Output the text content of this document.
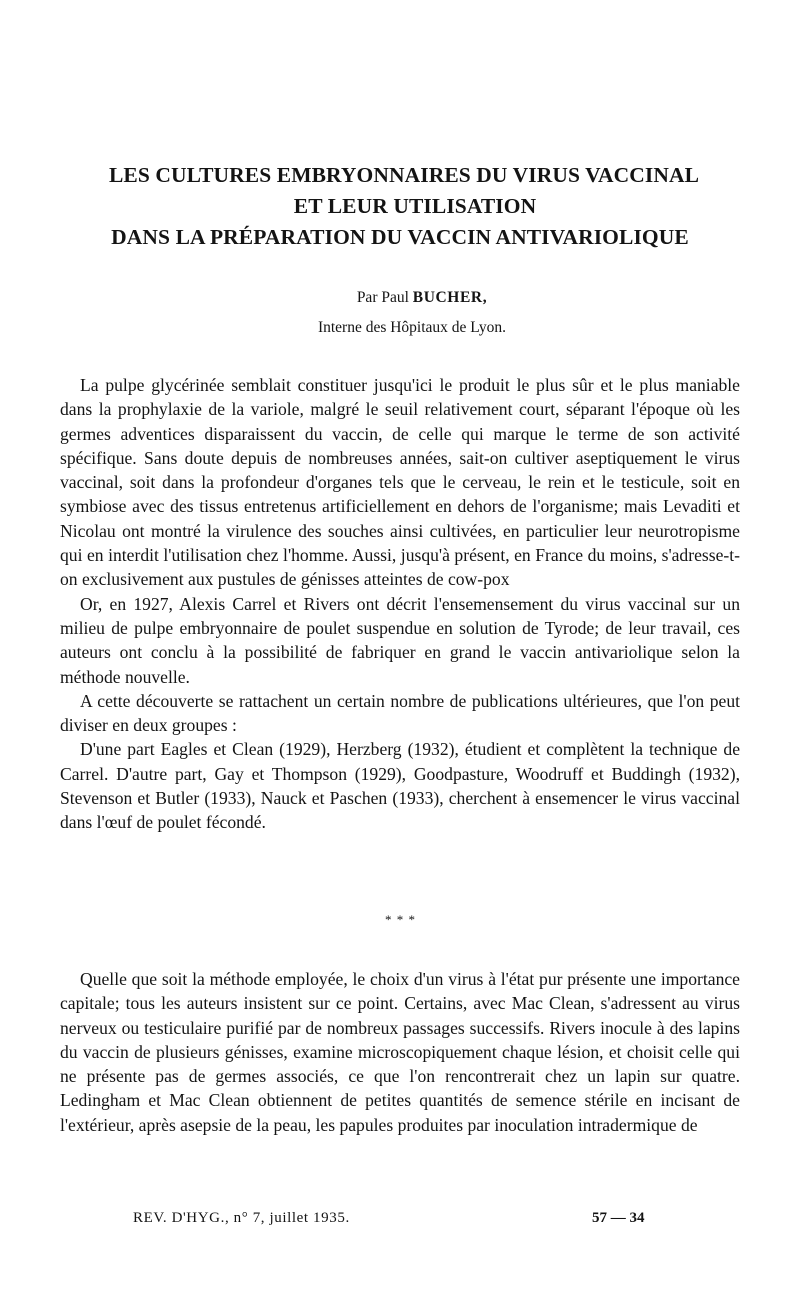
LES CULTURES EMBRYONNAIRES DU VIRUS VACCINAL
ET LEUR UTILISATION
DANS LA PRÉPARATION DU VACCIN ANTIVARIOLIQUE
Par Paul BUCHER,
Interne des Hôpitaux de Lyon.

La pulpe glycérinée semblait constituer jusqu'ici le produit le plus sûr et le plus maniable dans la prophylaxie de la variole, malgré le seuil relativement court, séparant l'époque où les germes adventices disparaissent du vaccin, de celle qui marque le terme de son activité spécifique. Sans doute depuis de nombreuses années, sait-on cultiver aseptiquement le virus vaccinal, soit dans la profondeur d'organes tels que le cerveau, le rein et le testicule, soit en symbiose avec des tissus entretenus artificiellement en dehors de l'organisme; mais Levaditi et Nicolau ont montré la virulence des souches ainsi cultivées, en particulier leur neurotropisme qui en interdit l'utilisation chez l'homme. Aussi, jusqu'à présent, en France du moins, s'adresse-t-on exclusivement aux pustules de génisses atteintes de cow-pox

Or, en 1927, Alexis Carrel et Rivers ont décrit l'ensemensement du virus vaccinal sur un milieu de pulpe embryonnaire de poulet suspendue en solution de Tyrode; de leur travail, ces auteurs ont conclu à la possibilité de fabriquer en grand le vaccin antivariolique selon la méthode nouvelle.

A cette découverte se rattachent un certain nombre de publications ultérieures, que l'on peut diviser en deux groupes :

D'une part Eagles et Clean (1929), Herzberg (1932), étudient et complètent la technique de Carrel. D'autre part, Gay et Thompson (1929), Goodpasture, Woodruff et Buddingh (1932), Stevenson et Butler (1933), Nauck et Paschen (1933), cherchent à ensemencer le virus vaccinal dans l'œuf de poulet fécondé.

* * *

Quelle que soit la méthode employée, le choix d'un virus à l'état pur présente une importance capitale; tous les auteurs insistent sur ce point. Certains, avec Mac Clean, s'adressent au virus nerveux ou testiculaire purifié par de nombreux passages successifs. Rivers inocule à des lapins du vaccin de plusieurs génisses, examine microscopiquement chaque lésion, et choisit celle qui ne présente pas de germes associés, ce que l'on rencontrerait chez un lapin sur quatre. Ledingham et Mac Clean obtiennent de petites quantités de semence stérile en incisant de l'extérieur, après asepsie de la peau, les papules produites par inoculation intradermique de

REV. D'HYG., n° 7, juillet 1935.	57 — 34
